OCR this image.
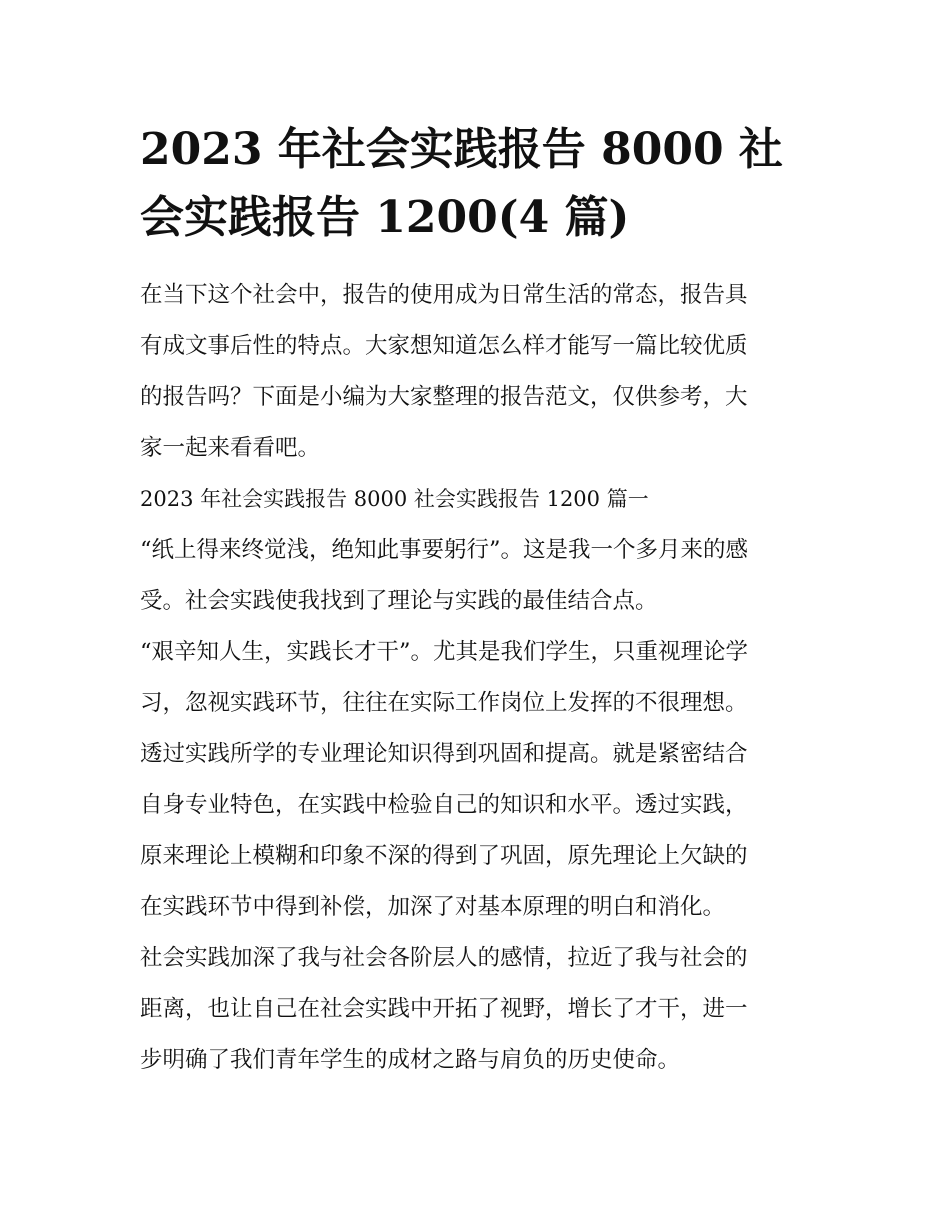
2023 年社会实践报告 8000 社
会实践报告 1200(4 篇)

在当下这个社会中，报告的使用成为日常生活的常态，报告具
有成文事后性的特点。大家想知道怎么样才能写一篇比较优质
的报告吗？下面是小编为大家整理的报告范文，仅供参考，大
家一起来看看吧。

2023 年社会实践报告 8000 社会实践报告 1200 篇一

“纸上得来终觉浅，绝知此事要躬行”。这是我一个多月来的感
受。社会实践使我找到了理论与实践的最佳结合点。

“艰辛知人生，实践长才干”。尤其是我们学生，只重视理论学
习，忽视实践环节，往往在实际工作岗位上发挥的不很理想。
透过实践所学的专业理论知识得到巩固和提高。就是紧密结合
自身专业特色，在实践中检验自己的知识和水平。透过实践，
原来理论上模糊和印象不深的得到了巩固，原先理论上欠缺的
在实践环节中得到补偿，加深了对基本原理的明白和消化。

社会实践加深了我与社会各阶层人的感情，拉近了我与社会的
距离，也让自己在社会实践中开拓了视野，增长了才干，进一
步明确了我们青年学生的成材之路与肩负的历史使命。
